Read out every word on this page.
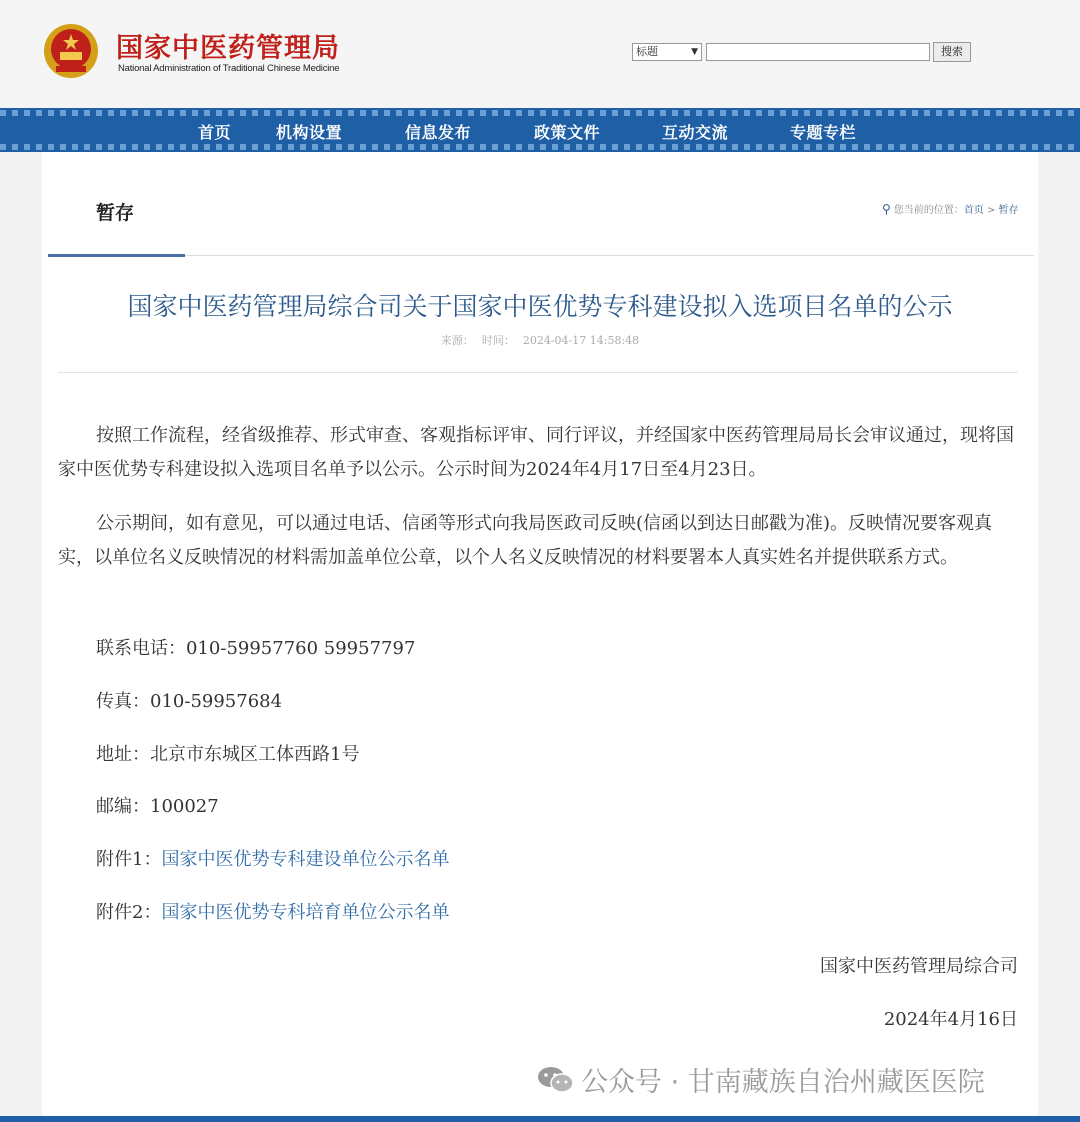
国家中医药管理局
National Administration of Traditional Chinese Medicine
标题	▼	搜索
首页	机构设置	信息发布	政策文件	互动交流	专题专栏
暂存	⚲ 您当前的位置：首页 > 暂存
国家中医药管理局综合司关于国家中医优势专科建设拟入选项目名单的公示
来源： 时间： 2024-04-17 14:58:48
按照工作流程，经省级推荐、形式审查、客观指标评审、同行评议，并经国家中医药管理局局长会审议通过，现将国家中医优势专科建设拟入选项目名单予以公示。公示时间为2024年4月17日至4月23日。
公示期间，如有意见，可以通过电话、信函等形式向我局医政司反映(信函以到达日邮戳为准)。反映情况要客观真实，以单位名义反映情况的材料需加盖单位公章，以个人名义反映情况的材料要署本人真实姓名并提供联系方式。
联系电话：010-59957760 59957797
传真：010-59957684
地址：北京市东城区工体西路1号
邮编：100027
附件1：国家中医优势专科建设单位公示名单
附件2：国家中医优势专科培育单位公示名单
国家中医药管理局综合司
2024年4月16日
公众号 · 甘南藏族自治州藏医医院
